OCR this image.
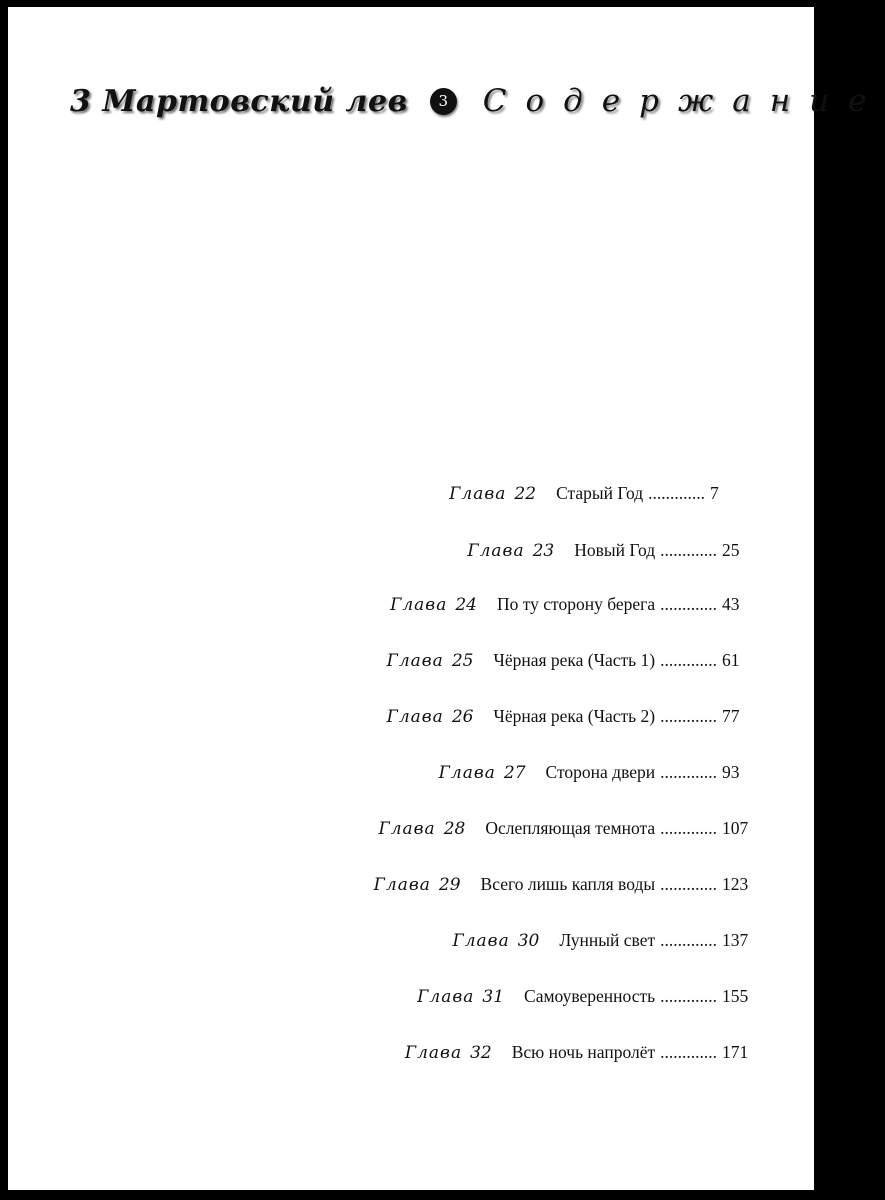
3 Мартовский лев	3 Содержание
Глава 22 Старый Год ............. 7
Глава 23 Новый Год ............. 25
Глава 24 По ту сторону берега ............. 43
Глава 25 Чёрная река (Часть 1) ............. 61
Глава 26 Чёрная река (Часть 2) ............. 77
Глава 27 Сторона двери ............. 93
Глава 28 Ослепляющая темнота ............. 107
Глава 29 Всего лишь капля воды ............. 123
Глава 30 Лунный свет ............. 137
Глава 31 Самоуверенность ............. 155
Глава 32 Всю ночь напролёт ............. 171
